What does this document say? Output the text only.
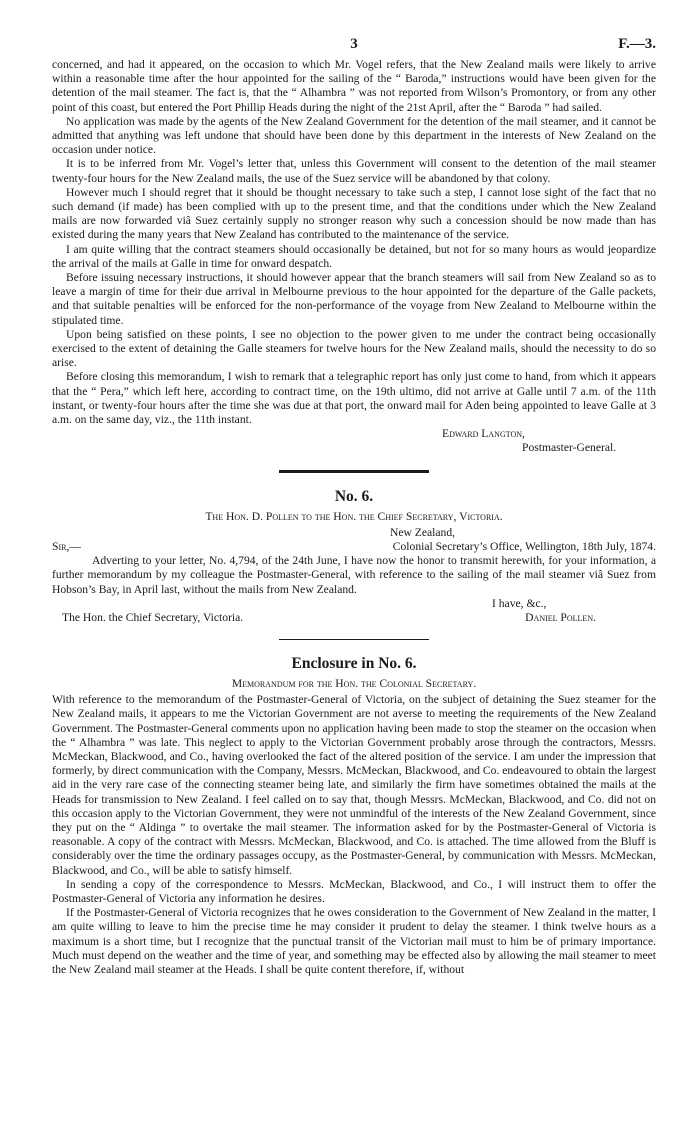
3	F.—3.

concerned, and had it appeared, on the occasion to which Mr. Vogel refers, that the New Zealand mails were likely to arrive within a reasonable time after the hour appointed for the sailing of the “ Baroda,” instructions would have been given for the detention of the mail steamer. The fact is, that the “ Alhambra ” was not reported from Wilson’s Promontory, or from any other point of this coast, but entered the Port Phillip Heads during the night of the 21st April, after the “ Baroda ” had sailed.

No application was made by the agents of the New Zealand Government for the detention of the mail steamer, and it cannot be admitted that anything was left undone that should have been done by this department in the interests of New Zealand on the occasion under notice.

It is to be inferred from Mr. Vogel’s letter that, unless this Government will consent to the detention of the mail steamer twenty-four hours for the New Zealand mails, the use of the Suez service will be abandoned by that colony.

However much I should regret that it should be thought necessary to take such a step, I cannot lose sight of the fact that no such demand (if made) has been complied with up to the present time, and that the conditions under which the New Zealand mails are now forwarded viâ Suez certainly supply no stronger reason why such a concession should be now made than has existed during the many years that New Zealand has contributed to the maintenance of the service.

I am quite willing that the contract steamers should occasionally be detained, but not for so many hours as would jeopardize the arrival of the mails at Galle in time for onward despatch.

Before issuing necessary instructions, it should however appear that the branch steamers will sail from New Zealand so as to leave a margin of time for their due arrival in Melbourne previous to the hour appointed for the departure of the Galle packets, and that suitable penalties will be enforced for the non-performance of the voyage from New Zealand to Melbourne within the stipulated time.

Upon being satisfied on these points, I see no objection to the power given to me under the contract being occasionally exercised to the extent of detaining the Galle steamers for twelve hours for the New Zealand mails, should the necessity to do so arise.

Before closing this memorandum, I wish to remark that a telegraphic report has only just come to hand, from which it appears that the “ Pera,” which left here, according to contract time, on the 19th ultimo, did not arrive at Galle until 7 a.m. of the 11th instant, or twenty-four hours after the time she was due at that port, the onward mail for Aden being appointed to leave Galle at 3 a.m. on the same day, viz., the 11th instant.

Edward Langton,
Postmaster-General.
No. 6.
The Hon. D. Pollen to the Hon. the Chief Secretary, Victoria.
New Zealand,
Sir,—	Colonial Secretary’s Office, Wellington, 18th July, 1874.

Adverting to your letter, No. 4,794, of the 24th June, I have now the honor to transmit herewith, for your information, a further memorandum by my colleague the Postmaster-General, with reference to the sailing of the mail steamer viâ Suez from Hobson’s Bay, in April last, without the mails from New Zealand.

I have, &c.,
The Hon. the Chief Secretary, Victoria.	Daniel Pollen.
Enclosure in No. 6.
Memorandum for the Hon. the Colonial Secretary.

With reference to the memorandum of the Postmaster-General of Victoria, on the subject of detaining the Suez steamer for the New Zealand mails, it appears to me the Victorian Government are not averse to meeting the requirements of the New Zealand Government. The Postmaster-General comments upon no application having been made to stop the steamer on the occasion when the “ Alhambra ” was late. This neglect to apply to the Victorian Government probably arose through the contractors, Messrs. McMeckan, Blackwood, and Co., having overlooked the fact of the altered position of the service. I am under the impression that formerly, by direct communication with the Company, Messrs. McMeckan, Blackwood, and Co. endeavoured to obtain the largest aid in the very rare case of the connecting steamer being late, and similarly the firm have sometimes obtained the mails at the Heads for transmission to New Zealand. I feel called on to say that, though Messrs. McMeckan, Blackwood, and Co. did not on this occasion apply to the Victorian Government, they were not unmindful of the interests of the New Zealand Government, since they put on the “ Aldinga ” to overtake the mail steamer. The information asked for by the Postmaster-General of Victoria is reasonable. A copy of the contract with Messrs. McMeckan, Blackwood, and Co. is attached. The time allowed from the Bluff is considerably over the time the ordinary passages occupy, as the Postmaster-General, by communication with Messrs. McMeckan, Blackwood, and Co., will be able to satisfy himself.

In sending a copy of the correspondence to Messrs. McMeckan, Blackwood, and Co., I will instruct them to offer the Postmaster-General of Victoria any information he desires.

If the Postmaster-General of Victoria recognizes that he owes consideration to the Government of New Zealand in the matter, I am quite willing to leave to him the precise time he may consider it prudent to delay the steamer. I think twelve hours as a maximum is a short time, but I recognize that the punctual transit of the Victorian mail must to him be of primary importance. Much must depend on the weather and the time of year, and something may be effected also by allowing the mail steamer to meet the New Zealand mail steamer at the Heads. I shall be quite content therefore, if, without
